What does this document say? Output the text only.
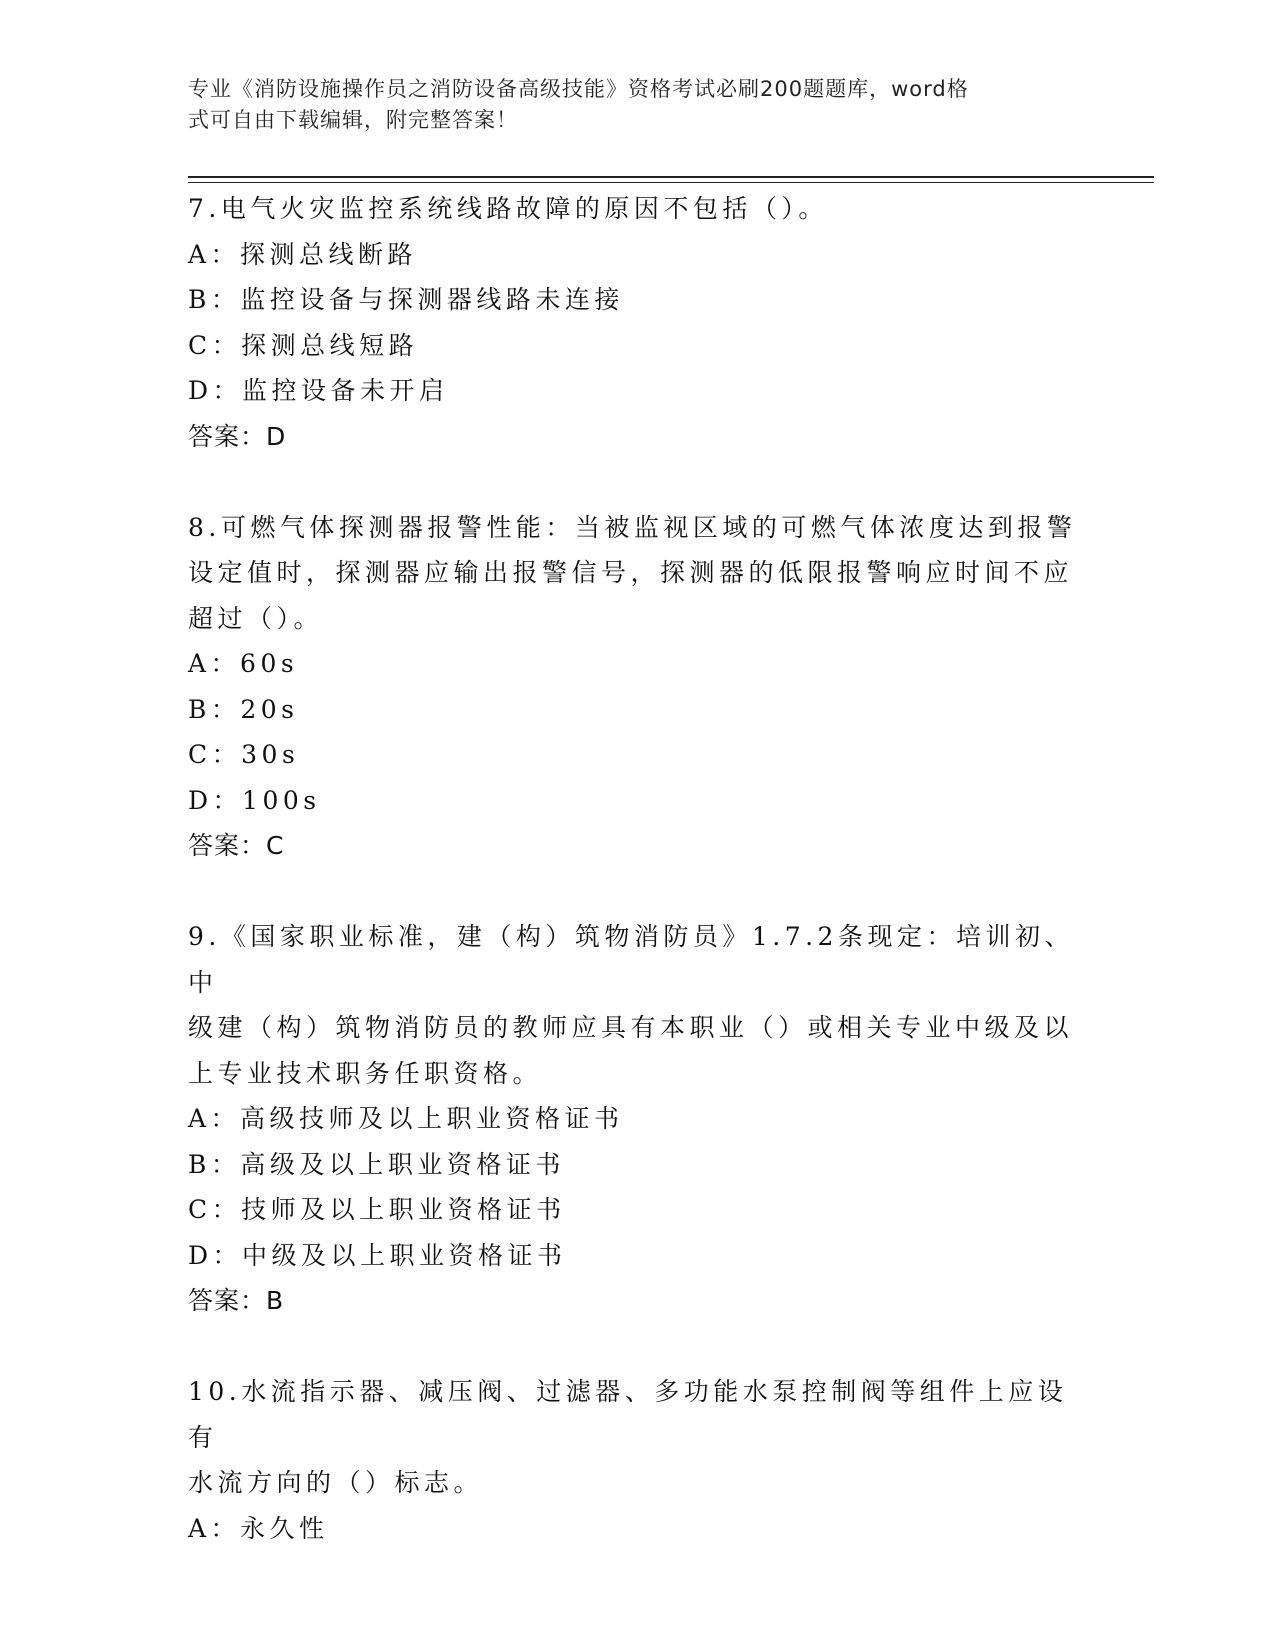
专业《消防设施操作员之消防设备高级技能》资格考试必刷200题题库，word格
式可自由下载编辑，附完整答案！

7.电气火灾监控系统线路故障的原因不包括（）。

A：探测总线断路

B：监控设备与探测器线路未连接

C：探测总线短路

D：监控设备未开启

答案：D

8.可燃气体探测器报警性能：当被监视区域的可燃气体浓度达到报警

设定值时，探测器应输出报警信号，探测器的低限报警响应时间不应

超过（）。

A：60s

B：20s

C：30s

D：100s

答案：C

9.《国家职业标准，建（构）筑物消防员》1.7.2条现定：培训初、中

级建（构）筑物消防员的教师应具有本职业（）或相关专业中级及以

上专业技术职务任职资格。

A：高级技师及以上职业资格证书

B：高级及以上职业资格证书

C：技师及以上职业资格证书

D：中级及以上职业资格证书

答案：B

10.水流指示器、减压阀、过滤器、多功能水泵控制阀等组件上应设有

水流方向的（）标志。

A：永久性
